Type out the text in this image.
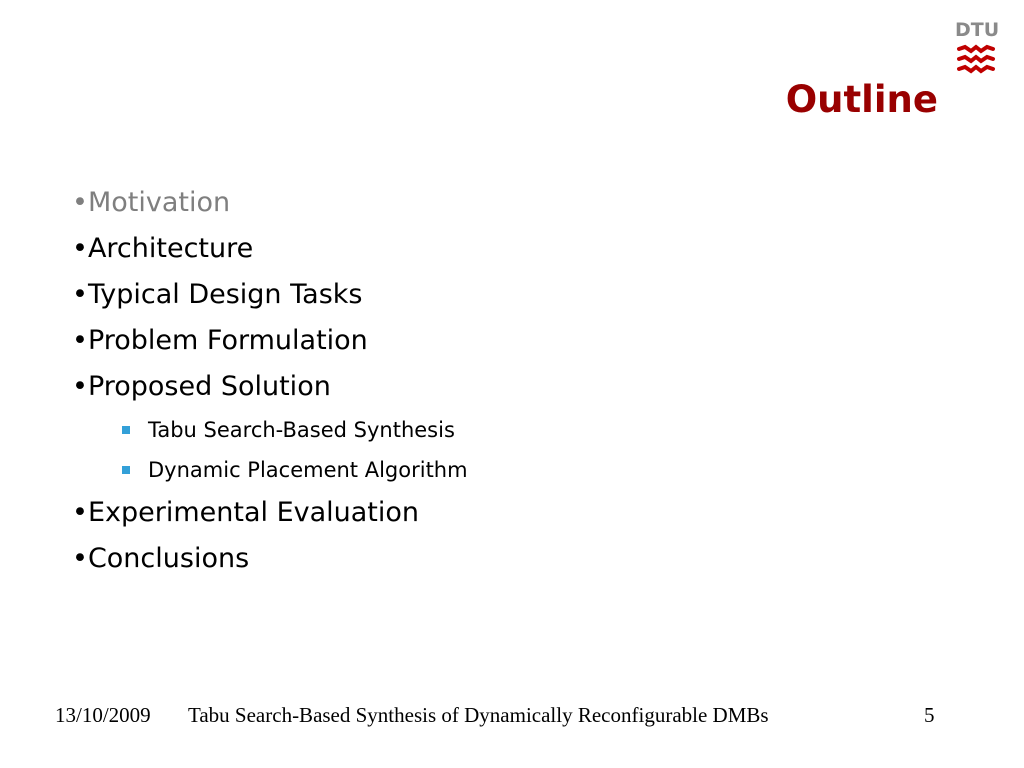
DTU
Outline
•Motivation
•Architecture
•Typical Design Tasks
•Problem Formulation
•Proposed Solution
Tabu Search-Based Synthesis
Dynamic Placement Algorithm
•Experimental Evaluation
•Conclusions
13/10/2009 Tabu Search-Based Synthesis of Dynamically Reconfigurable DMBs	5
